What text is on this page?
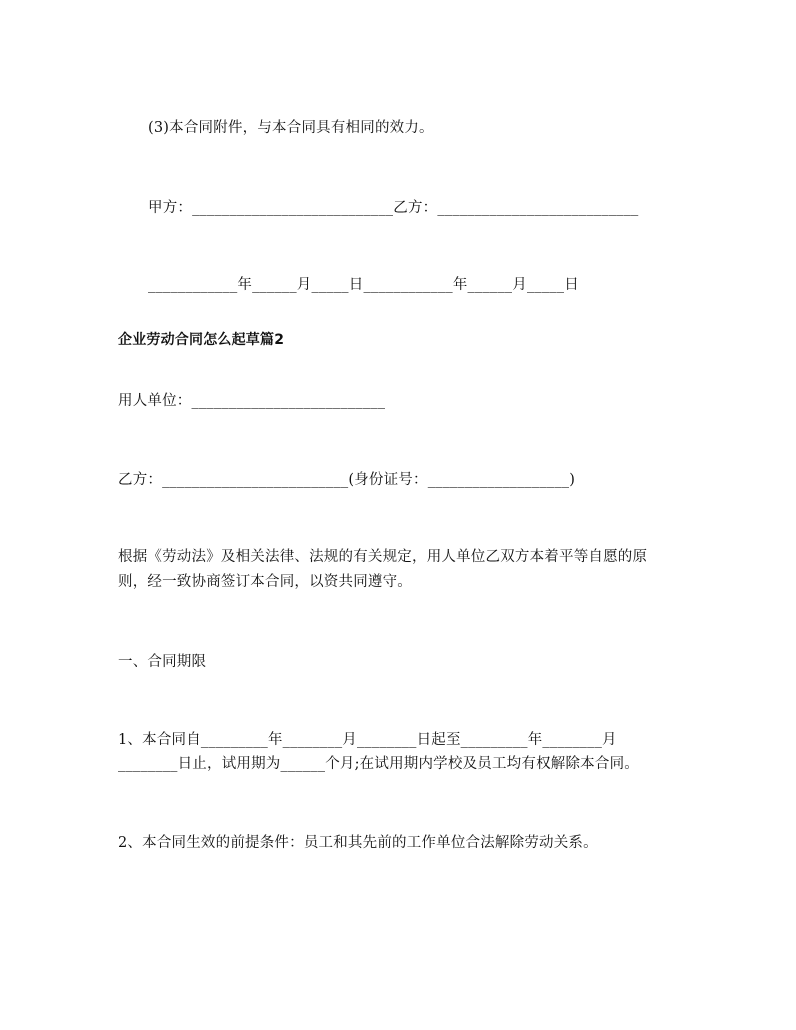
(3)本合同附件，与本合同具有相同的效力。
甲方：___________________________乙方：___________________________
____________年______月_____日____________年______月_____日
企业劳动合同怎么起草篇2
用人单位：__________________________
乙方：_________________________(身份证号：___________________)
根据《劳动法》及相关法律、法规的有关规定，用人单位乙双方本着平等自愿的原
则，经一致协商签订本合同，以资共同遵守。
一、合同期限
1、本合同自_________年________月________日起至_________年________月
________日止，试用期为______个月;在试用期内学校及员工均有权解除本合同。
2、本合同生效的前提条件：员工和其先前的工作单位合法解除劳动关系。
